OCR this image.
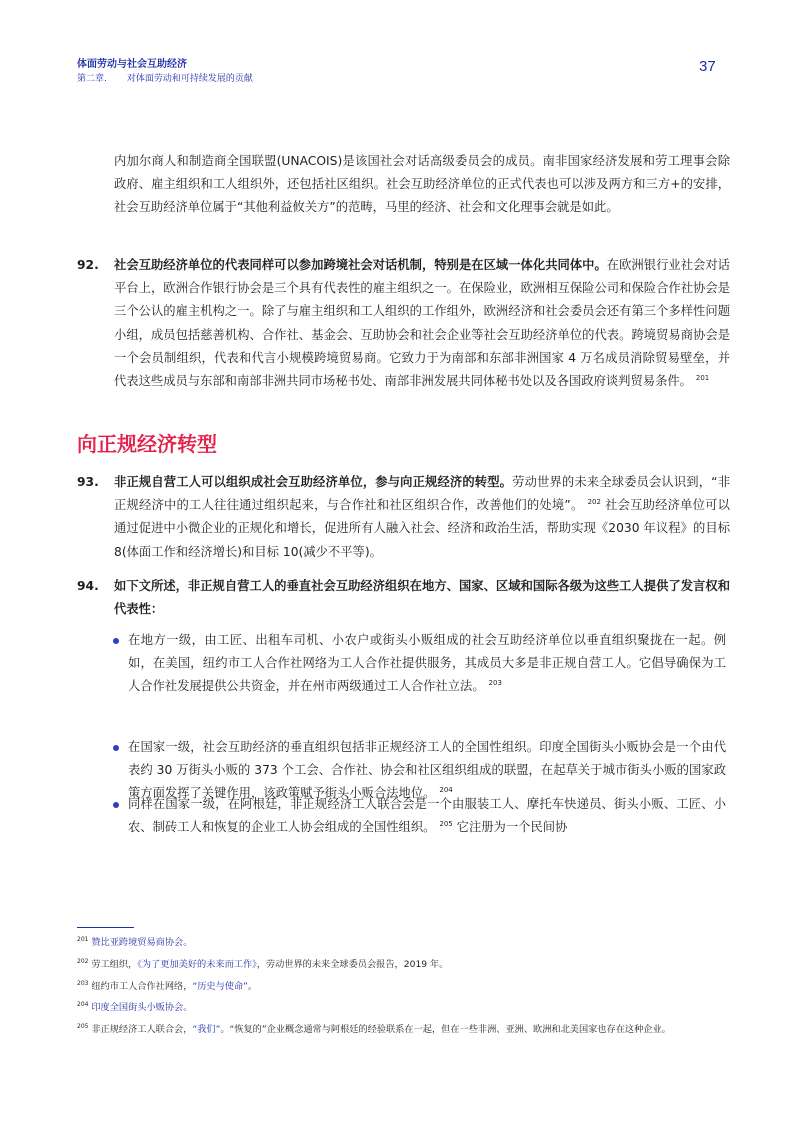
体面劳动与社会互助经济
第二章. 对体面劳动和可持续发展的贡献
37

内加尔商人和制造商全国联盟(UNACOIS)是该国社会对话高级委员会的成员。南非国家经济发展和劳工理事会除政府、雇主组织和工人组织外，还包括社区组织。社会互助经济单位的正式代表也可以涉及两方和三方+的安排，社会互助经济单位属于“其他利益攸关方”的范畴，马里的经济、社会和文化理事会就是如此。

92. 社会互助经济单位的代表同样可以参加跨境社会对话机制，特别是在区域一体化共同体中。在欧洲银行业社会对话平台上，欧洲合作银行协会是三个具有代表性的雇主组织之一。在保险业，欧洲相互保险公司和保险合作社协会是三个公认的雇主机构之一。除了与雇主组织和工人组织的工作组外，欧洲经济和社会委员会还有第三个多样性问题小组，成员包括慈善机构、合作社、基金会、互助协会和社会企业等社会互助经济单位的代表。跨境贸易商协会是一个会员制组织，代表和代言小规模跨境贸易商。它致力于为南部和东部非洲国家 4 万名成员消除贸易壁垒，并代表这些成员与东部和南部非洲共同市场秘书处、南部非洲发展共同体秘书处以及各国政府谈判贸易条件。 $^{201}$

向正规经济转型
93. 非正规自营工人可以组织成社会互助经济单位，参与向正规经济的转型。劳动世界的未来全球委员会认识到，“非正规经济中的工人往往通过组织起来，与合作社和社区组织合作，改善他们的处境”。 $^{202}$ 社会互助经济单位可以通过促进中小微企业的正规化和增长，促进所有人融入社会、经济和政治生活，帮助实现《2030 年议程》的目标 8(体面工作和经济增长)和目标 10(减少不平等)。

94. 如下文所述，非正规自营工人的垂直社会互助经济组织在地方、国家、区域和国际各级为这些工人提供了发言权和代表性：

在地方一级，由工匠、出租车司机、小农户或街头小贩组成的社会互助经济单位以垂直组织聚拢在一起。例如，在美国，纽约市工人合作社网络为工人合作社提供服务，其成员大多是非正规自营工人。它倡导确保为工人合作社发展提供公共资金，并在州市两级通过工人合作社立法。 $^{203}$

在国家一级，社会互助经济的垂直组织包括非正规经济工人的全国性组织。印度全国街头小贩协会是一个由代表约 30 万街头小贩的 373 个工会、合作社、协会和社区组织组成的联盟，在起草关于城市街头小贩的国家政策方面发挥了关键作用，该政策赋予街头小贩合法地位。 $^{204}$

同样在国家一级，在阿根廷，非正规经济工人联合会是一个由服装工人、摩托车快递员、街头小贩、工匠、小农、制砖工人和恢复的企业工人协会组成的全国性组织。 $^{205}$ 它注册为一个民间协

$^{201}$ 赞比亚跨境贸易商协会。

$^{202}$ 劳工组织，《为了更加美好的未来而工作》，劳动世界的未来全球委员会报告，2019 年。

$^{203}$ 纽约市工人合作社网络，“历史与使命”。

$^{204}$ 印度全国街头小贩协会。

$^{205}$ 非正规经济工人联合会，“我们”。“恢复的”企业概念通常与阿根廷的经验联系在一起，但在一些非洲、亚洲、欧洲和北美国家也存在这种企业。
